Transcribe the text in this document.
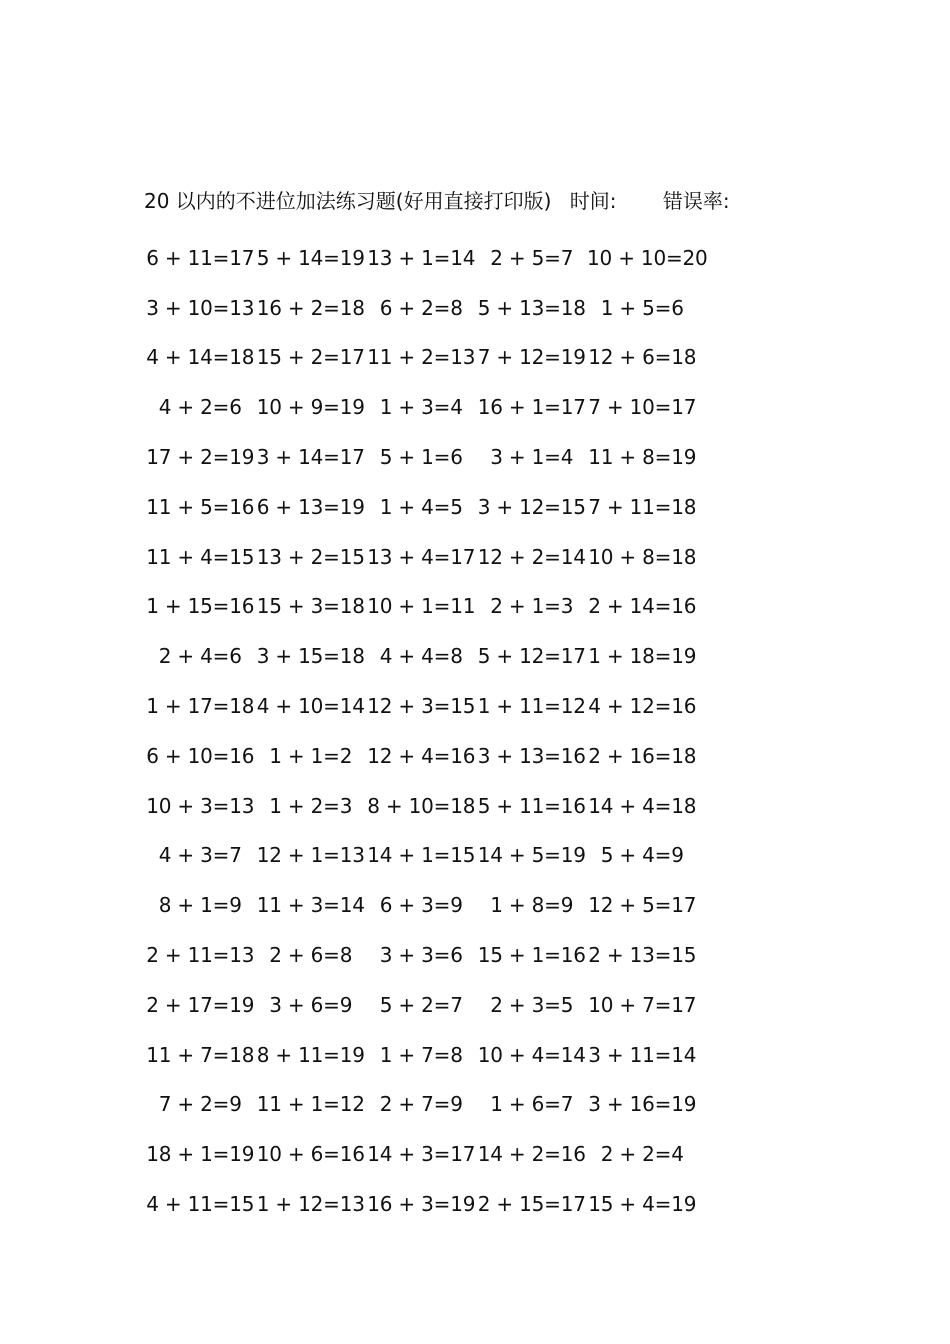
20 以内的不进位加法练习题(好用直接打印版) 时间: 错误率:
6 + 11=17 5 + 14=19 13 + 1=14 2 + 5=7 10 + 10=20
3 + 10=13 16 + 2=18 6 + 2=8 5 + 13=18 1 + 5=6
4 + 14=18 15 + 2=17 11 + 2=13 7 + 12=19 12 + 6=18
4 + 2=6 10 + 9=19 1 + 3=4 16 + 1=17 7 + 10=17
17 + 2=19 3 + 14=17 5 + 1=6	3 + 1=4 11 + 8=19
11 + 5=16 6 + 13=19 1 + 4=5 3 + 12=15 7 + 11=18
11 + 4=15 13 + 2=15 13 + 4=17 12 + 2=14 10 + 8=18
1 + 15=16 15 + 3=18 10 + 1=11 2 + 1=3 2 + 14=16
2 + 4=6 3 + 15=18 4 + 4=8 5 + 12=17 1 + 18=19
1 + 17=18 4 + 10=14 12 + 3=15 1 + 11=12 4 + 12=16
6 + 10=16 1 + 1=2 12 + 4=16 3 + 13=16 2 + 16=18
10 + 3=13 1 + 2=3 8 + 10=18 5 + 11=16 14 + 4=18
4 + 3=7 12 + 1=13 14 + 1=15 14 + 5=19 5 + 4=9
8 + 1=9 11 + 3=14 6 + 3=9	1 + 8=9 12 + 5=17
2 + 11=13 2 + 6=8	3 + 3=6 15 + 1=16 2 + 13=15
2 + 17=19 3 + 6=9	5 + 2=7	2 + 3=5 10 + 7=17
11 + 7=18 8 + 11=19 1 + 7=8 10 + 4=14 3 + 11=14
7 + 2=9 11 + 1=12 2 + 7=9	1 + 6=7 3 + 16=19
18 + 1=19 10 + 6=16 14 + 3=17 14 + 2=16 2 + 2=4
4 + 11=15 1 + 12=13 16 + 3=19 2 + 15=17 15 + 4=19
